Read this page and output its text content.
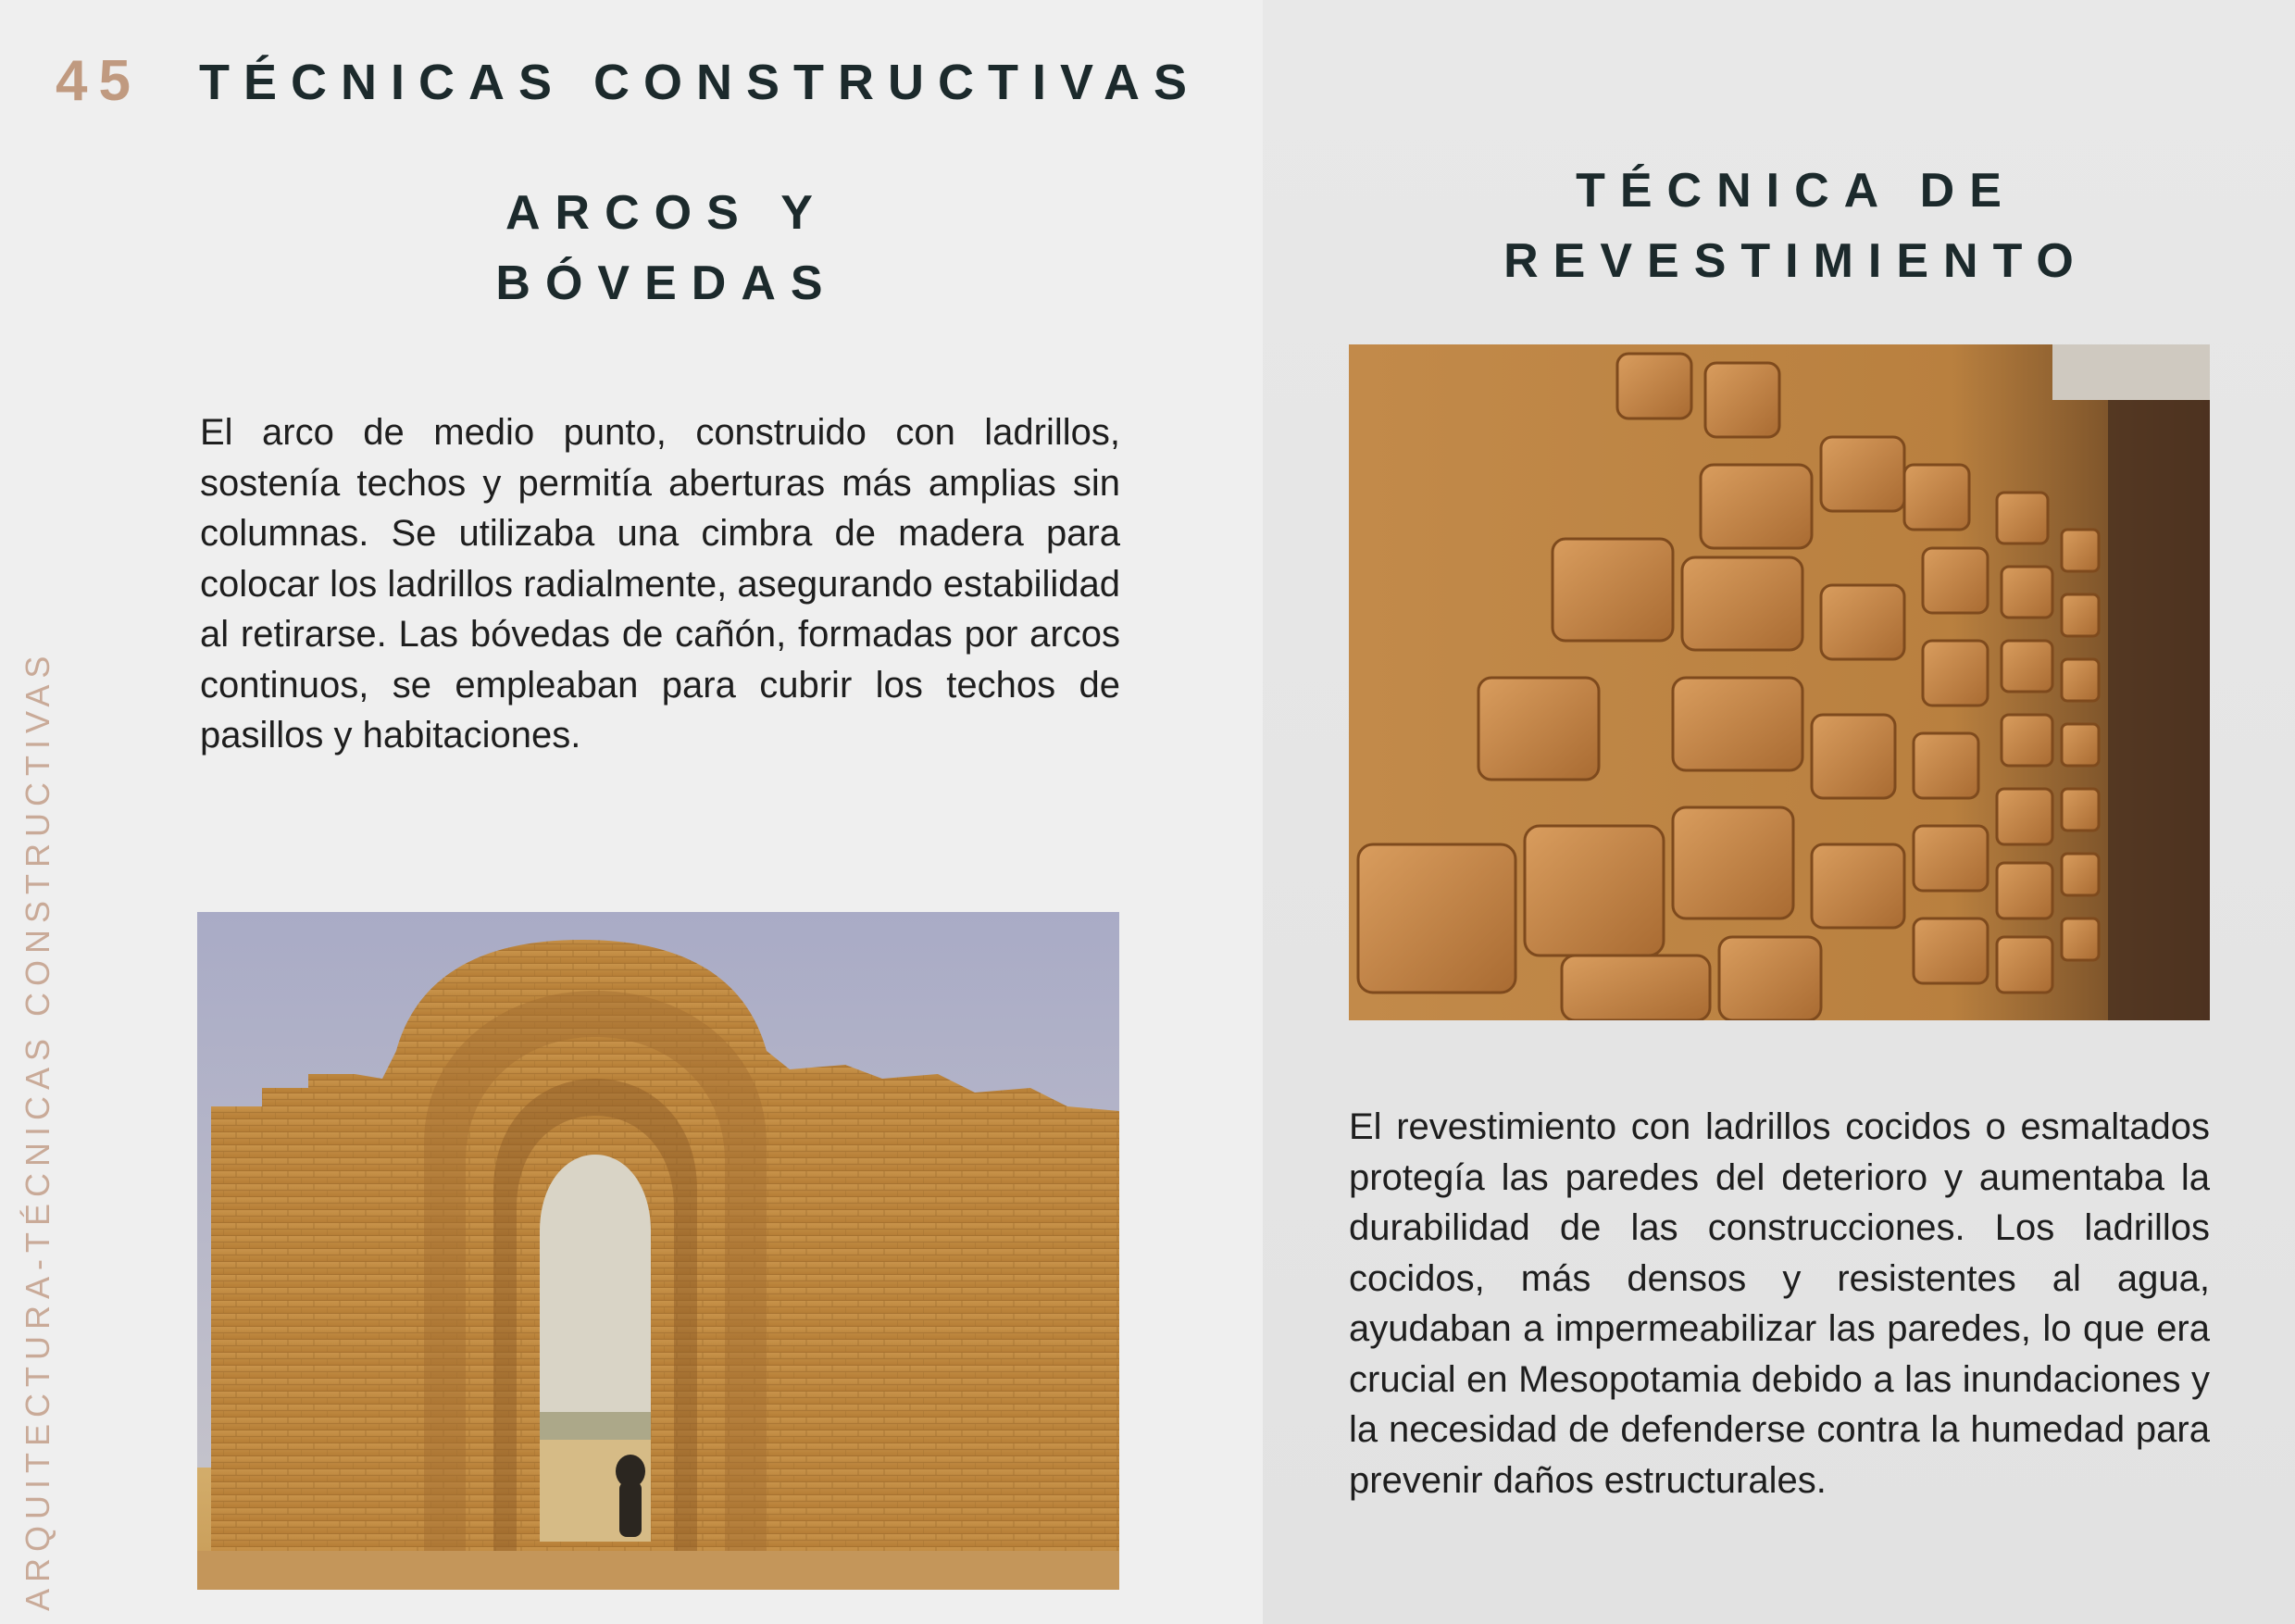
45 TÉCNICAS CONSTRUCTIVAS
ARQUITECTURA-TÉCNICAS CONSTRUCTIVAS
ARCOS Y
BÓVEDAS
El arco de medio punto, construido con ladrillos, sostenía techos y permitía aberturas más amplias sin columnas. Se utilizaba una cimbra de madera para colocar los ladrillos radialmente, asegurando estabilidad al retirarse. Las bóvedas de cañón, formadas por arcos continuos, se empleaban para cubrir los techos de pasillos y habitaciones.
TÉCNICA DE
REVESTIMIENTO
El revestimiento con ladrillos cocidos o esmaltados protegía las paredes del deterioro y aumentaba la durabilidad de las construcciones. Los ladrillos cocidos, más densos y resistentes al agua, ayudaban a impermeabilizar las paredes, lo que era crucial en Mesopotamia debido a las inundaciones y la necesidad de defenderse contra la humedad para prevenir daños estructurales.
